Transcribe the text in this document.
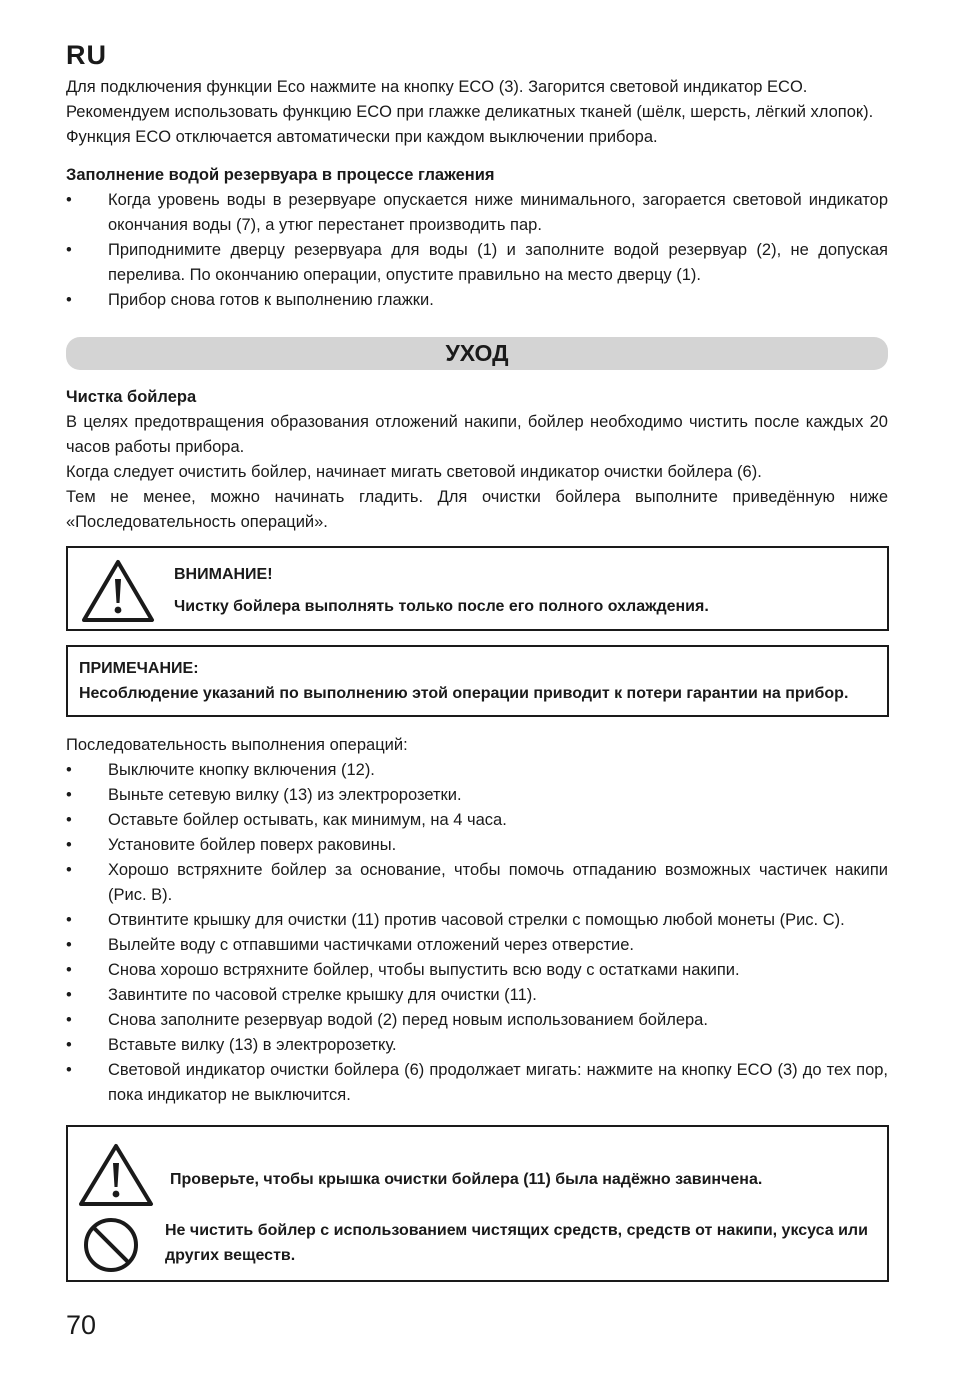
RU
Для подключения функции Eco нажмите на кнопку ECO (3). Загорится световой индикатор ECO.
Рекомендуем использовать функцию ECO при глажке деликатных тканей (шёлк, шерсть, лёгкий хлопок).
Функция ECO отключается автоматически при каждом выключении прибора.
Заполнение водой резервуара в процессе глажения
• Когда уровень воды в резервуаре опускается ниже минимального, загорается световой индикатор окончания воды (7), а утюг перестанет производить пар.
• Приподнимите дверцу резервуара для воды (1) и заполните водой резервуар (2), не допуская перелива. По окончанию операции, опустите правильно на место дверцу (1).
• Прибор снова готов к выполнению глажки.
УХОД
Чистка бойлера
В целях предотвращения образования отложений накипи, бойлер необходимо чистить после каждых 20 часов работы прибора.
Когда следует очистить бойлер, начинает мигать световой индикатор очистки бойлера (6).
Тем не менее, можно начинать гладить. Для очистки бойлера выполните приведённую ниже «Последовательность операций».
ВНИМАНИЕ!
Чистку бойлера выполнять только после его полного охлаждения.
ПРИМЕЧАНИЕ:
Несоблюдение указаний по выполнению этой операции приводит к потери гарантии на прибор.
Последовательность выполнения операций:
• Выключите кнопку включения (12).
• Выньте сетевую вилку (13) из электророзетки.
• Оставьте бойлер остывать, как минимум, на 4 часа.
• Установите бойлер поверх раковины.
• Хорошо встряхните бойлер за основание, чтобы помочь отпаданию возможных частичек накипи (Рис. B).
• Отвинтите крышку для очистки (11) против часовой стрелки с помощью любой монеты (Рис. C).
• Вылейте воду с отпавшими частичками отложений через отверстие.
• Снова хорошо встряхните бойлер, чтобы выпустить всю воду с остатками накипи.
• Завинтите по часовой стрелке крышку для очистки (11).
• Снова заполните резервуар водой (2) перед новым использованием бойлера.
• Вставьте вилку (13) в электророзетку.
• Световой индикатор очистки бойлера (6) продолжает мигать: нажмите на кнопку ECO (3) до тех пор, пока индикатор не выключится.
Проверьте, чтобы крышка очистки бойлера (11) была надёжно завинчена.
Не чистить бойлер с использованием чистящих средств, средств от накипи, уксуса или других веществ.
70
